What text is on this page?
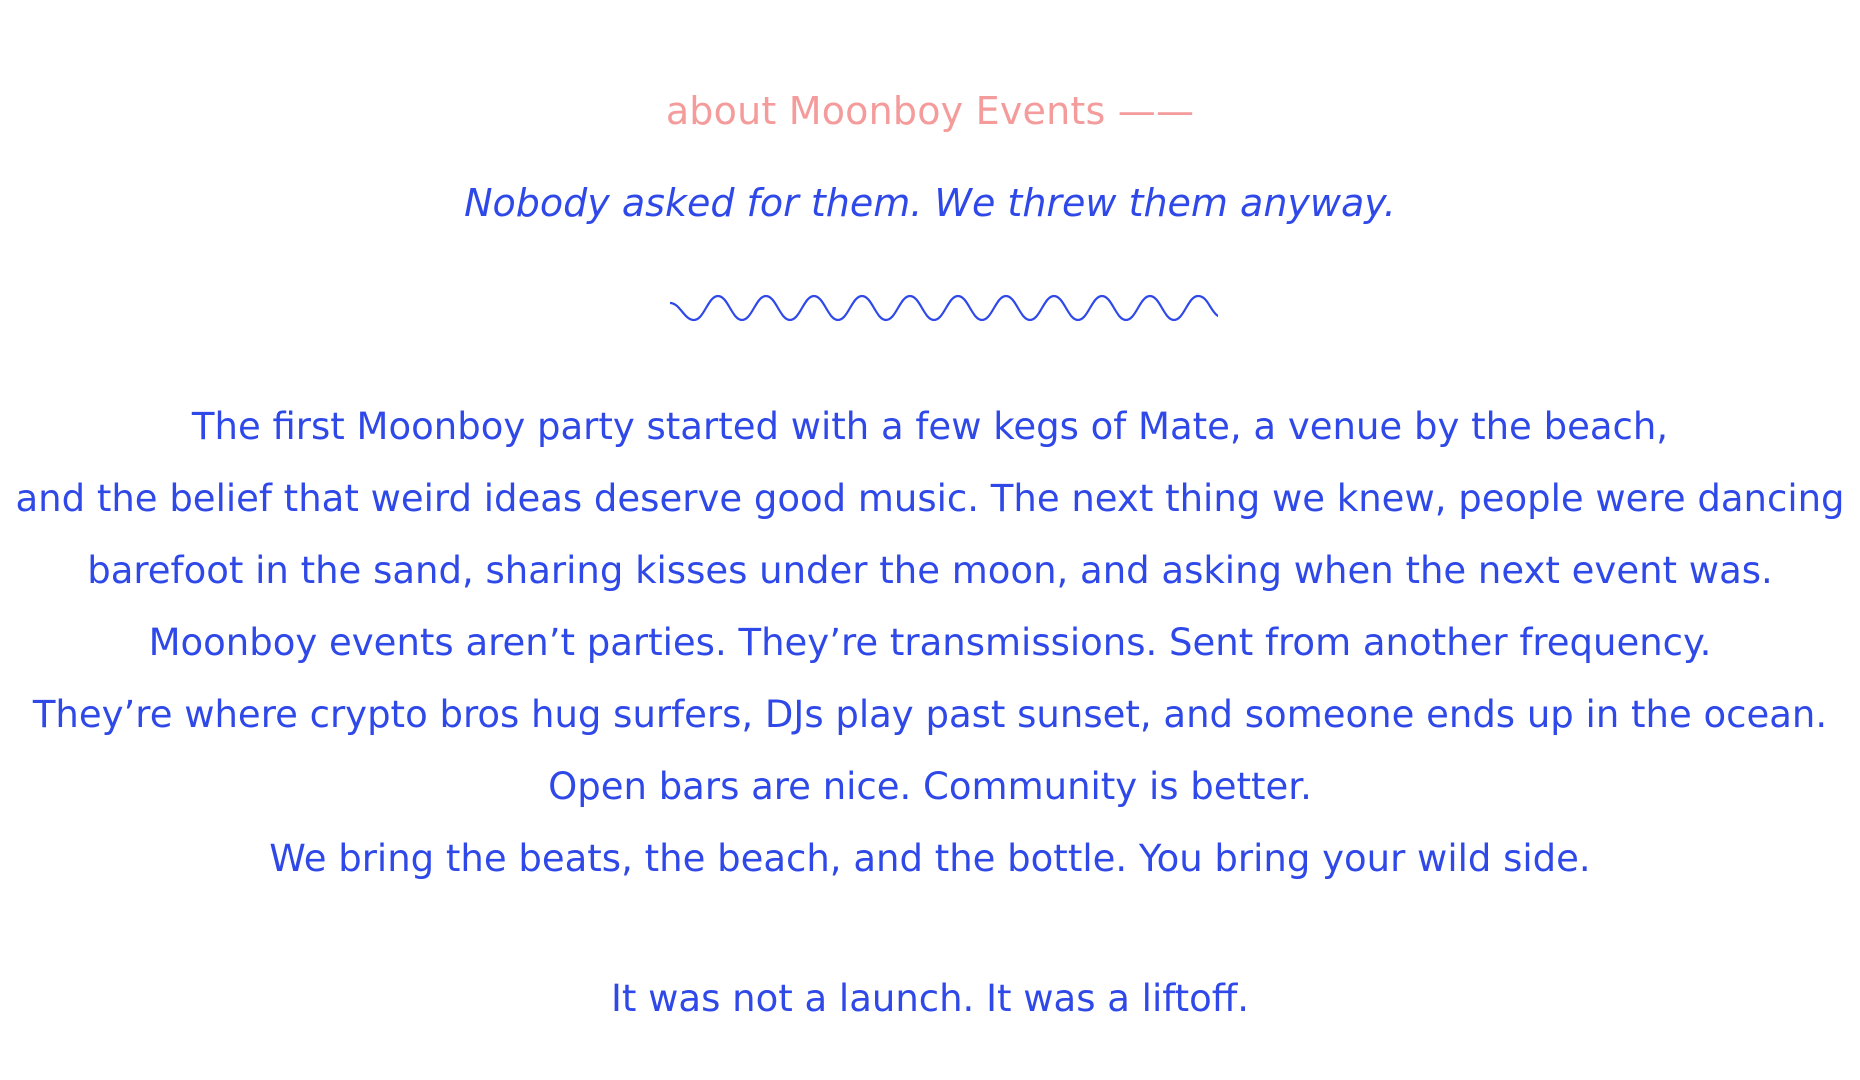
about Moonboy Events ——
Nobody asked for them. We threw them anyway.
The first Moonboy party started with a few kegs of Mate, a venue by the beach,
and the belief that weird ideas deserve good music. The next thing we knew, people were dancing
barefoot in the sand, sharing kisses under the moon, and asking when the next event was.
Moonboy events aren’t parties. They’re transmissions. Sent from another frequency.
They’re where crypto bros hug surfers, DJs play past sunset, and someone ends up in the ocean.
Open bars are nice. Community is better.
We bring the beats, the beach, and the bottle. You bring your wild side.
It was not a launch. It was a liftoff.
